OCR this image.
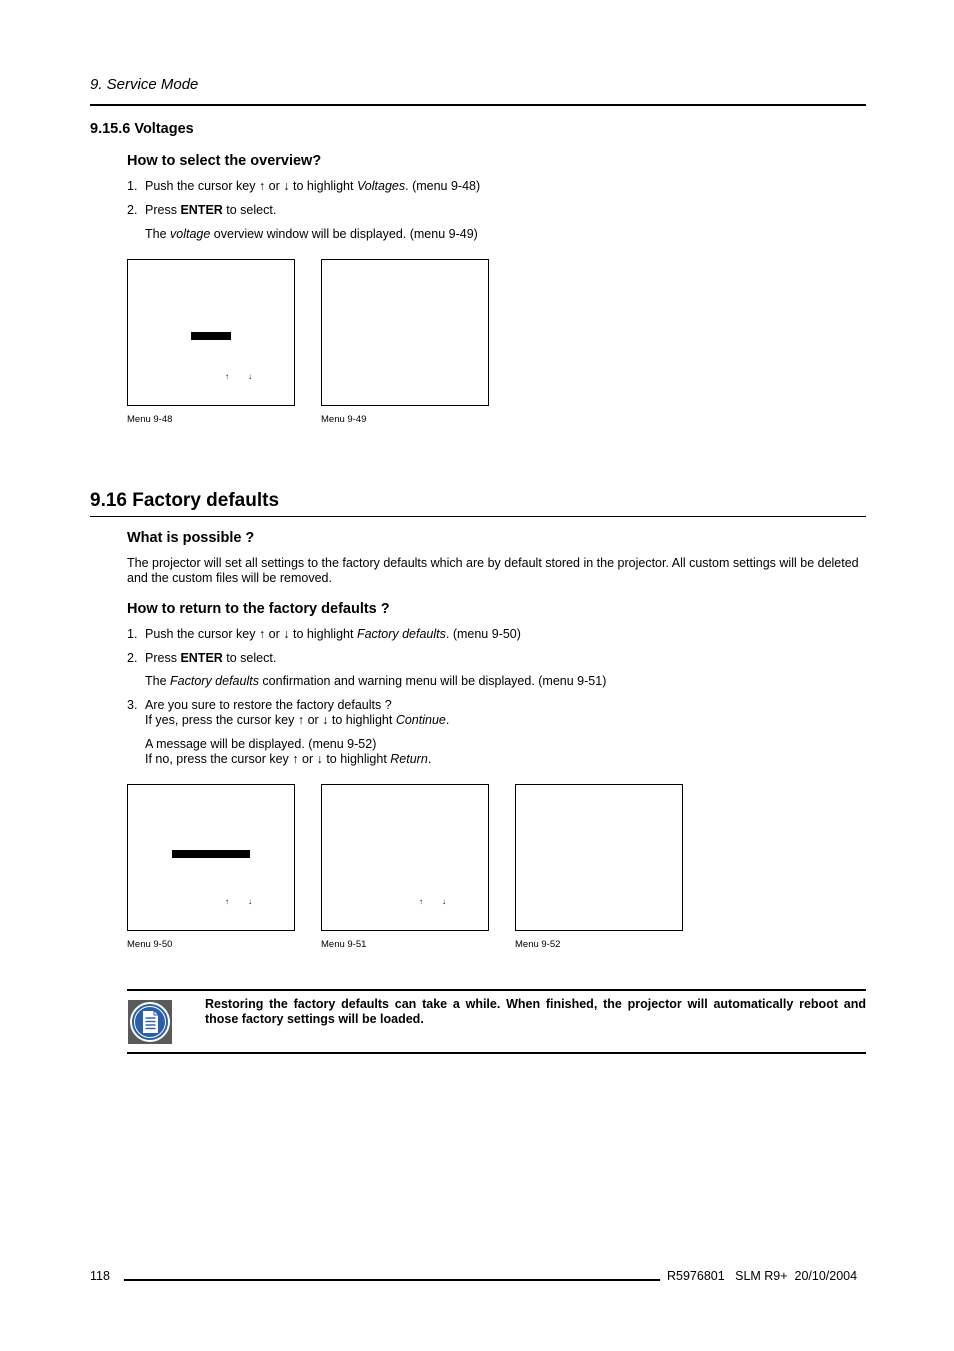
9. Service Mode
9.15.6 Voltages
How to select the overview?
1. Push the cursor key ↑ or ↓ to highlight Voltages. (menu 9-48)
2. Press ENTER to select.
The voltage overview window will be displayed. (menu 9-49)
↑ ↓
Menu 9-48	Menu 9-49
9.16 Factory defaults
What is possible ?
The projector will set all settings to the factory defaults which are by default stored in the projector. All custom settings will be deleted
and the custom files will be removed.
How to return to the factory defaults ?
1. Push the cursor key ↑ or ↓ to highlight Factory defaults. (menu 9-50)
2. Press ENTER to select.
The Factory defaults confirmation and warning menu will be displayed. (menu 9-51)
3. Are you sure to restore the factory defaults ?
If yes, press the cursor key ↑ or ↓ to highlight Continue.
A message will be displayed. (menu 9-52)
If no, press the cursor key ↑ or ↓ to highlight Return.
↑ ↓
Menu 9-50
↑ ↓
Menu 9-51	Menu 9-52
Restoring the factory defaults can take a while. When finished, the projector will automatically reboot and
those factory settings will be loaded.
118	R5976801   SLM R9+  20/10/2004
